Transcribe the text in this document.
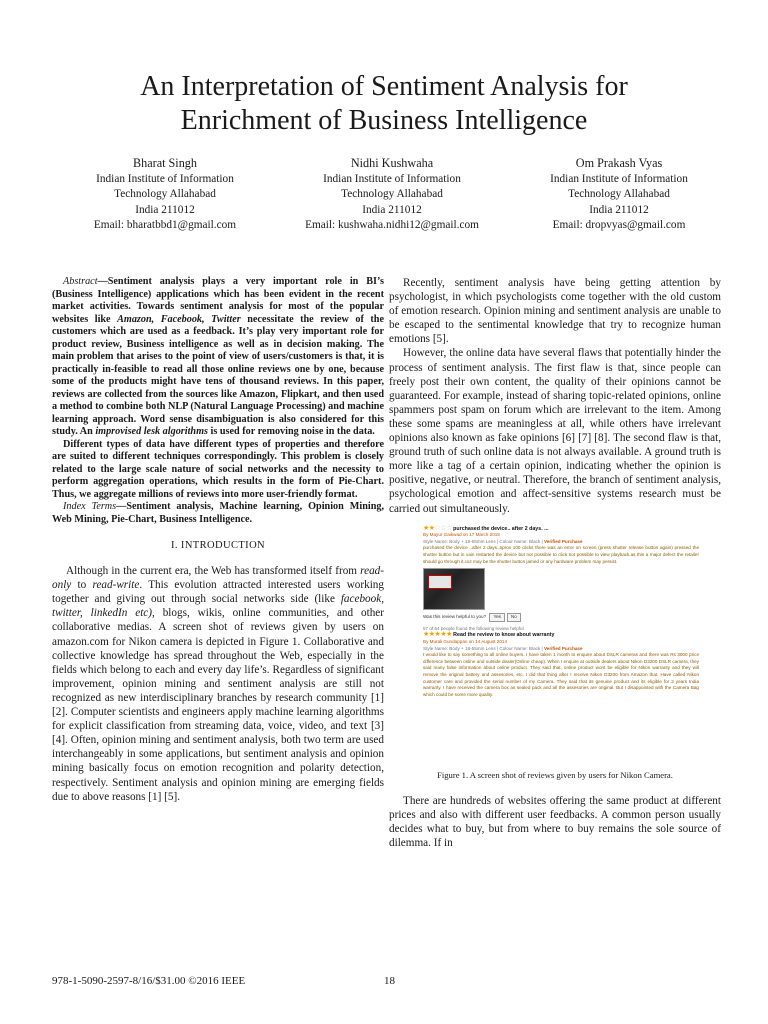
An Interpretation of Sentiment Analysis for
Enrichment of Business Intelligence
Bharat Singh
Indian Institute of Information
Technology Allahabad
India 211012
Email: bharatbbd1@gmail.com
Nidhi Kushwaha
Indian Institute of Information
Technology Allahabad
India 211012
Email: kushwaha.nidhi12@gmail.com
Om Prakash Vyas
Indian Institute of Information
Technology Allahabad
India 211012
Email: dropvyas@gmail.com

Abstract—Sentiment analysis plays a very important role in BI’s (Business Intelligence) applications which has been evident in the recent market activities. Towards sentiment analysis for most of the popular websites like Amazon, Facebook, Twitter necessitate the review of the customers which are used as a feedback. It’s play very important role for product review, Business intelligence as well as in decision making. The main problem that arises to the point of view of users/customers is that, it is practically in-feasible to read all those online reviews one by one, because some of the products might have tens of thousand reviews. In this paper, reviews are collected from the sources like Amazon, Flipkart, and then used a method to combine both NLP (Natural Language Processing) and machine learning approach. Word sense disambiguation is also considered for this study. An improvised lesk algorithms is used for removing noise in the data.

Different types of data have different types of properties and therefore are suited to different techniques correspondingly. This problem is closely related to the large scale nature of social networks and the necessity to perform aggregation operations, which results in the form of Pie-Chart. Thus, we aggregate millions of reviews into more user-friendly format.

Index Terms—Sentiment analysis, Machine learning, Opinion Mining, Web Mining, Pie-Chart, Business Intelligence.

I. INTRODUCTION

Although in the current era, the Web has transformed itself from read-only to read-write. This evolution attracted interested users working together and giving out through social networks side (like facebook, twitter, linkedIn etc), blogs, wikis, online communities, and other collaborative medias. A screen shot of reviews given by users on amazon.com for Nikon camera is depicted in Figure 1. Collaborative and collective knowledge has spread throughout the Web, especially in the fields which belong to each and every day life’s. Regardless of significant improvement, opinion mining and sentiment analysis are still not recognized as new interdisciplinary branches by research community [1] [2]. Computer scientists and engineers apply machine learning algorithms for explicit classification from streaming data, voice, video, and text [3] [4]. Often, opinion mining and sentiment analysis, both two term are used interchangeably in some applications, but sentiment analysis and opinion mining basically focus on emotion recognition and polarity detection, respectively. Sentiment analysis and opinion mining are emerging fields due to above reasons [1] [5].

Recently, sentiment analysis have being getting attention by psychologist, in which psychologists come together with the old custom of emotion research. Opinion mining and sentiment analysis are unable to be escaped to the sentimental knowledge that try to recognize human emotions [5].

However, the online data have several flaws that potentially hinder the process of sentiment analysis. The first flaw is that, since people can freely post their own content, the quality of their opinions cannot be guaranteed. For example, instead of sharing topic-related opinions, online spammers post spam on forum which are irrelevant to the item. Among these some spams are meaningless at all, while others have irrelevant opinions also known as fake opinions [6] [7] [8]. The second flaw is that, ground truth of such online data is not always available. A ground truth is more like a tag of a certain opinion, indicating whether the opinion is positive, negative, or neutral. Therefore, the branch of sentiment analysis, psychological emotion and affect-sensitive systems research must be carried out simultaneously.

★★☆☆☆ purchased the device.. after 2 days. ...
By Mayur Gaikwad on 17 March 2015
Style Name: Body + 18-55mm Lens | Colour Name: Black | Verified Purchase
purchased the device ..after 2 days..aprox 100 clicks there was an error on screen (press shutter release button again) pressed the shutter button but in vain restarted the device but not possible to click not possible to view playback.as this a major defect the retailer should go through it.coz may be the shutter button jamed or any hardware problem may persist.
Was this review helpful to you? Yes No
57 of 64 people found the following review helpful
★★★★★ Read the review to know about warranty
By Murali Gundappan on 14 August 2014
Style Name: Body + 18-55mm Lens | Colour Name: Black | Verified Purchase
I would like to say something to all online buyers. I have taken 1 month to enquire about DSLR cameras and there was Rs 3000 price difference between online and outside dealer(Online cheap). When I enquire at outside dealers about Nikon D3200 DSLR camera, they said many false information about online product. They said that, online product wont be eligible for Nikon warranty and they will remove the original battery and assesories, etc. I did that thing after I receive Nikon D3200 from Amazon that. Have called Nikon customer care and provided the serial number of my Camera. They said that its genuine product and its eligible for 2 years India warranty. I have received the camera box as sealed pack and all the assesories are original. But I disappointed with the Camera Bag which could be some more quality.
Figure 1. A screen shot of reviews given by users for Nikon Camera.

There are hundreds of websites offering the same product at different prices and also with different user feedbacks. A common person usually decides what to buy, but from where to buy remains the sole source of dilemma. If in

978-1-5090-2597-8/16/$31.00 ©2016 IEEE	18
